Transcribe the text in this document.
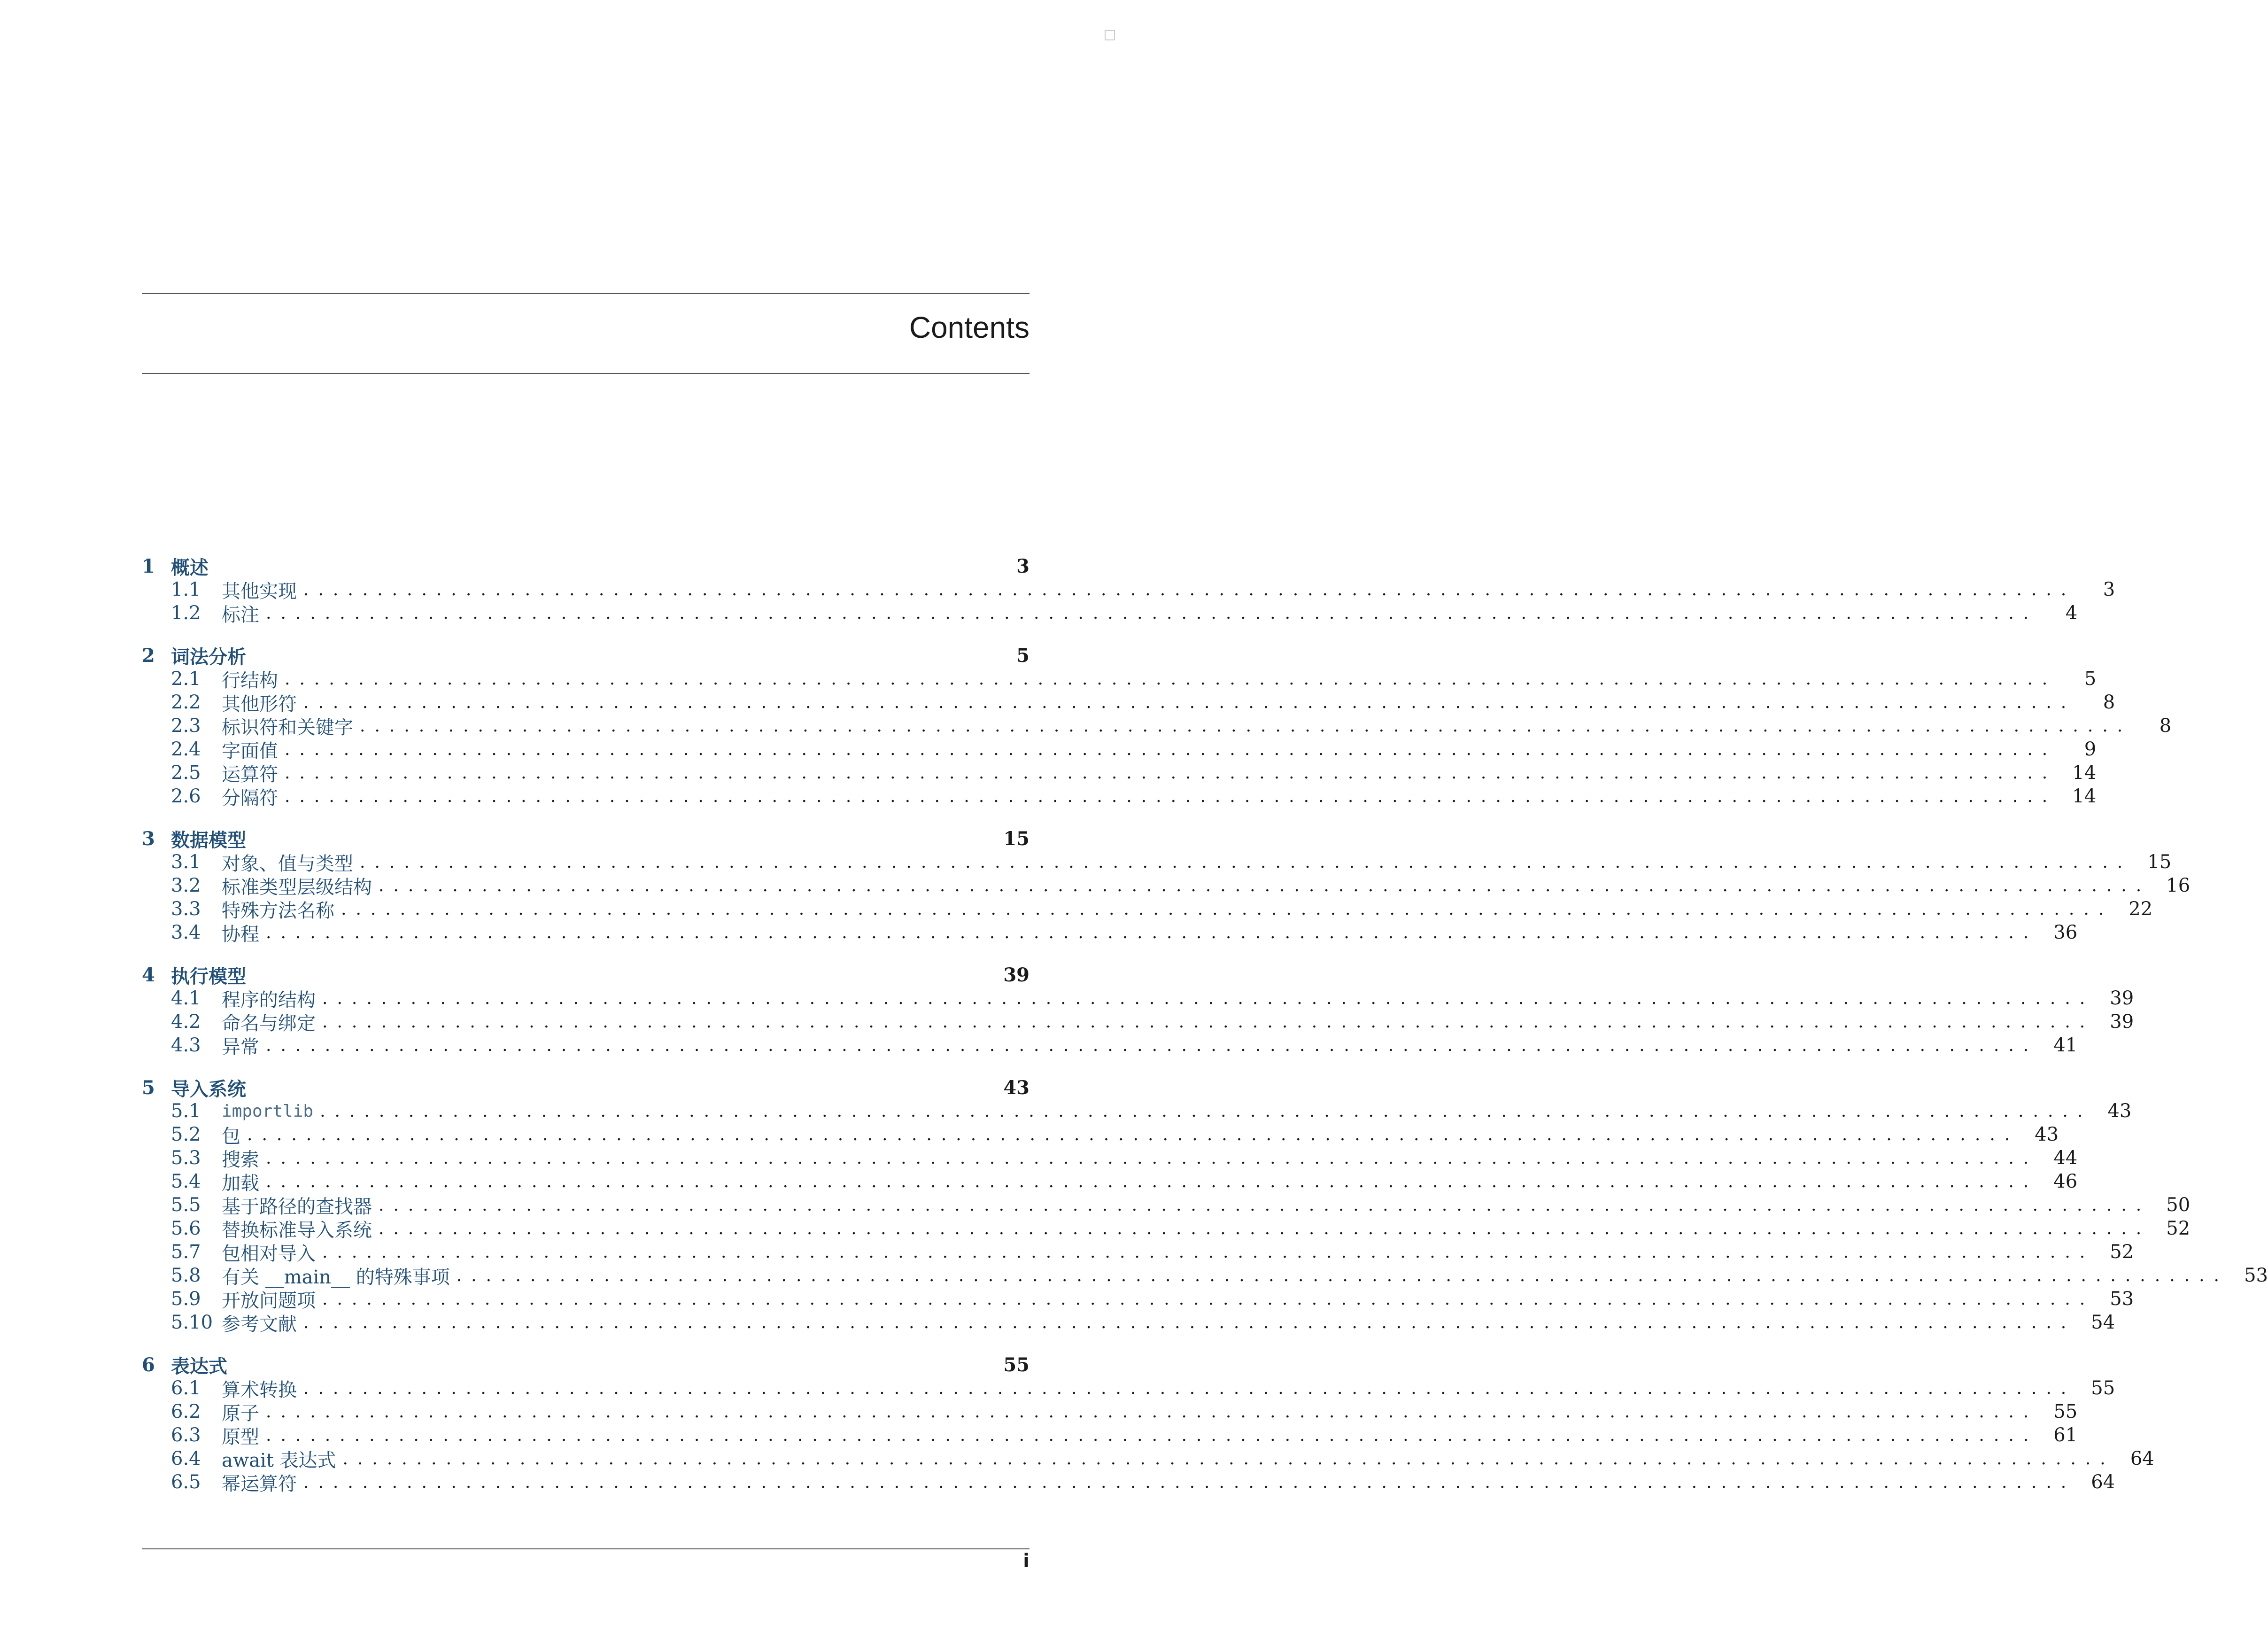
Contents
1 概述	3
1.1	其他实现 ........................................................................................................................	3
1.2	标注 ........................................................................................................................	4
2 词法分析	5
2.1	行结构 ........................................................................................................................	5
2.2	其他形符 ........................................................................................................................	8
2.3	标识符和关键字 ........................................................................................................................	8
2.4	字面值 ........................................................................................................................	9
2.5	运算符 ........................................................................................................................ 14
2.6	分隔符 ........................................................................................................................ 14
3 数据模型	15
3.1	对象、值与类型 ........................................................................................................................ 15
3.2	标准类型层级结构 ........................................................................................................................ 16
3.3	特殊方法名称 ........................................................................................................................ 22
3.4	协程 ........................................................................................................................ 36
4 执行模型	39
4.1	程序的结构 ........................................................................................................................ 39
4.2	命名与绑定 ........................................................................................................................ 39
4.3	异常 ........................................................................................................................ 41
5 导入系统	43
5.1	importlib ........................................................................................................................ 43
5.2	包 ........................................................................................................................ 43
5.3	搜索 ........................................................................................................................ 44
5.4	加载 ........................................................................................................................ 46
5.5	基于路径的查找器 ........................................................................................................................ 50
5.6	替换标准导入系统 ........................................................................................................................ 52
5.7	包相对导入 ........................................................................................................................ 52
5.8	有关 __main__ 的特殊事项 ........................................................................................................................ 53
5.9	开放问题项 ........................................................................................................................ 53
5.10 参考文献 ........................................................................................................................ 54
6 表达式	55
6.1	算术转换 ........................................................................................................................ 55
6.2	原子 ........................................................................................................................ 55
6.3	原型 ........................................................................................................................ 61
6.4	await 表达式 ........................................................................................................................ 64
6.5	幂运算符 ........................................................................................................................ 64
i
